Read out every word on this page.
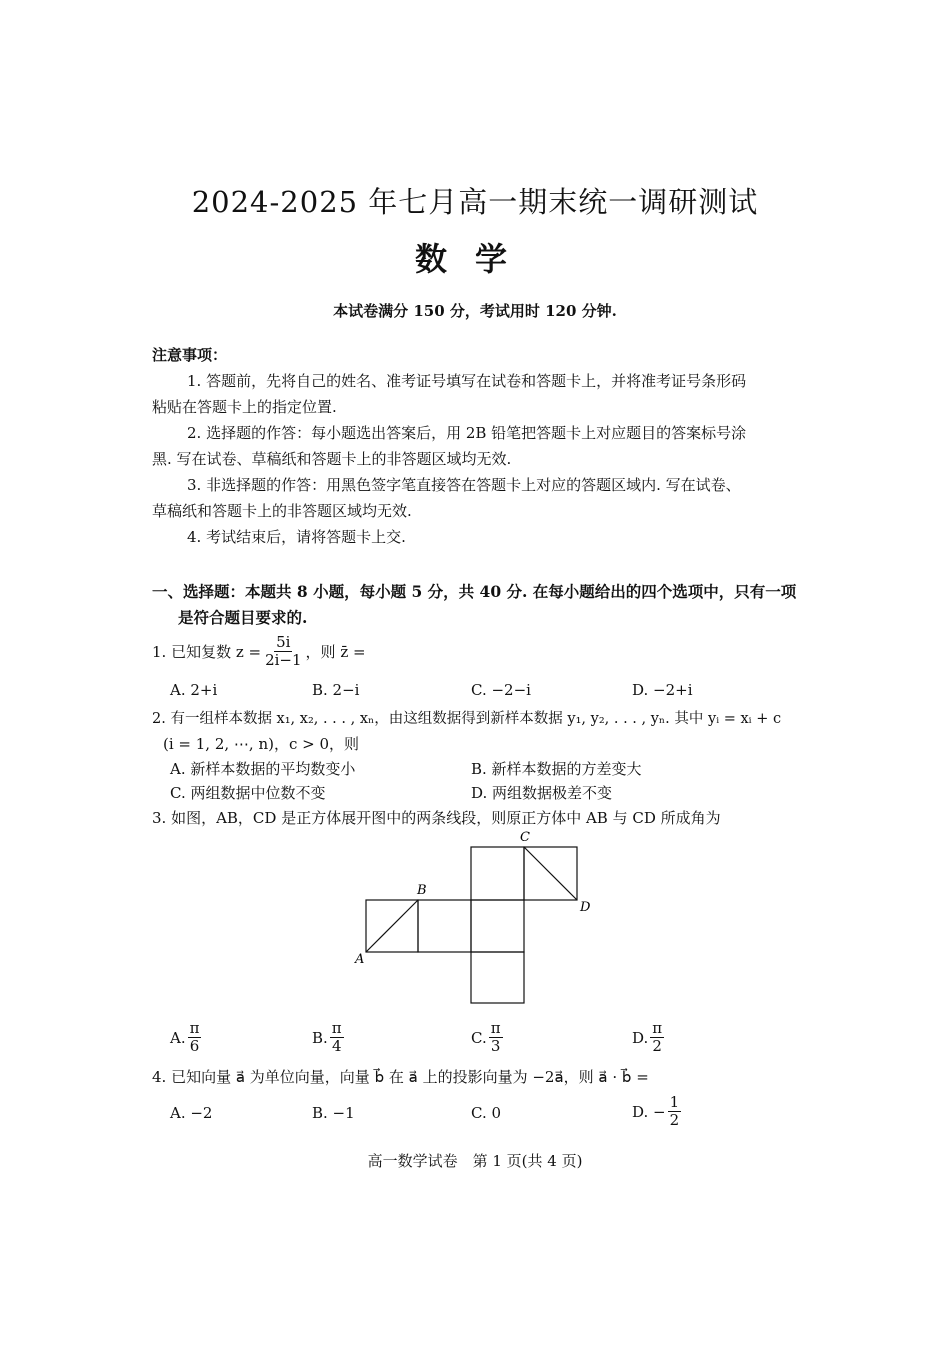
2024-2025 年七月高一期末统一调研测试
数学
本试卷满分 150 分，考试用时 120 分钟.
注意事项：
1. 答题前，先将自己的姓名、准考证号填写在试卷和答题卡上，并将准考证号条形码
粘贴在答题卡上的指定位置.
2. 选择题的作答：每小题选出答案后，用 2B 铅笔把答题卡上对应题目的答案标号涂
黑. 写在试卷、草稿纸和答题卡上的非答题区域均无效.
3. 非选择题的作答：用黑色签字笔直接答在答题卡上对应的答题区域内. 写在试卷、
草稿纸和答题卡上的非答题区域均无效.
4. 考试结束后，请将答题卡上交.
一、选择题：本题共 8 小题，每小题 5 分，共 40 分. 在每小题给出的四个选项中，只有一项
是符合题目要求的.
1. 已知复数 $z = \frac{5i}{2i-1}$ ，则 z̄ =
A. 2+i	B. 2−i	C. −2−i	D. −2+i
2. 有一组样本数据 x₁, x₂, . . . , xₙ，由这组数据得到新样本数据 y₁, y₂, . . . , yₙ. 其中 yᵢ = xᵢ + c
(i = 1, 2, ⋯, n)，c > 0，则
A. 新样本数据的平均数变小	B. 新样本数据的方差变大
C. 两组数据中位数不变	D. 两组数据极差不变
3. 如图，AB，CD 是正方体展开图中的两条线段，则原正方体中 AB 与 CD 所成角为
A
B
C
D
A. $\frac{\pi}{6}$	B. $\frac{\pi}{4}$	C. $\frac{\pi}{3}$	D. $\frac{\pi}{2}$
4. 已知向量 a⃗ 为单位向量，向量 b⃗ 在 a⃗ 上的投影向量为 −2a⃗，则 a⃗ · b⃗ =
A. −2	B. −1	C. 0	D. − $\frac{1}{2}$
高一数学试卷　第 1 页(共 4 页)
